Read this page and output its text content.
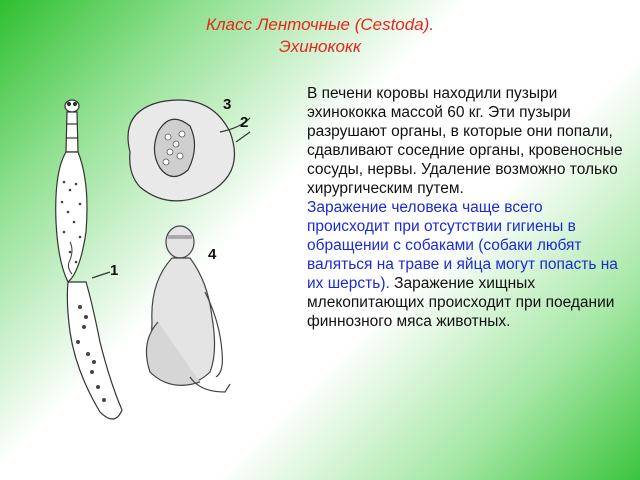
Класс Ленточные (Cestoda).
Эхинококк
1
2
3
4
В печени коровы находили пузыри эхинококка массой 60 кг. Эти пузыри разрушают органы, в которые они попали, сдавливают соседние органы, кровеносные сосуды, нервы. Удаление возможно только хирургическим путем.
Заражение человека чаще всего происходит при отсутствии гигиены в обращении с собаками (собаки любят валяться на траве и яйца могут попасть на их шерсть). Заражение хищных млекопитающих происходит при поедании финнозного мяса животных.
